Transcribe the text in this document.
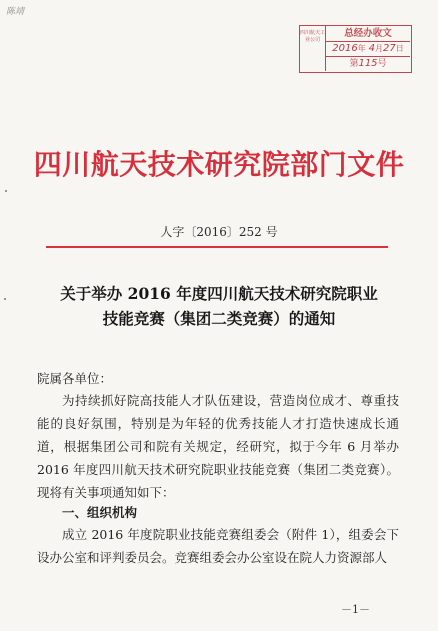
陈靖
四川航天工业公司
总经办收文
2016年 4月27日
第115号
四川航天技术研究院部门文件
人字〔2016〕252 号
关于举办 2016 年度四川航天技术研究院职业
技能竞赛（集团二类竞赛）的通知
院属各单位：
为持续抓好院高技能人才队伍建设，营造岗位成才、尊重技能的良好氛围，特别是为年轻的优秀技能人才打造快速成长通道，根据集团公司和院有关规定，经研究，拟于今年 6 月举办 2016 年度四川航天技术研究院职业技能竞赛（集团二类竞赛）。现将有关事项通知如下：
一、组织机构
成立 2016 年度院职业技能竞赛组委会（附件 1），组委会下设办公室和评判委员会。竞赛组委会办公室设在院人力资源部人
－1－
